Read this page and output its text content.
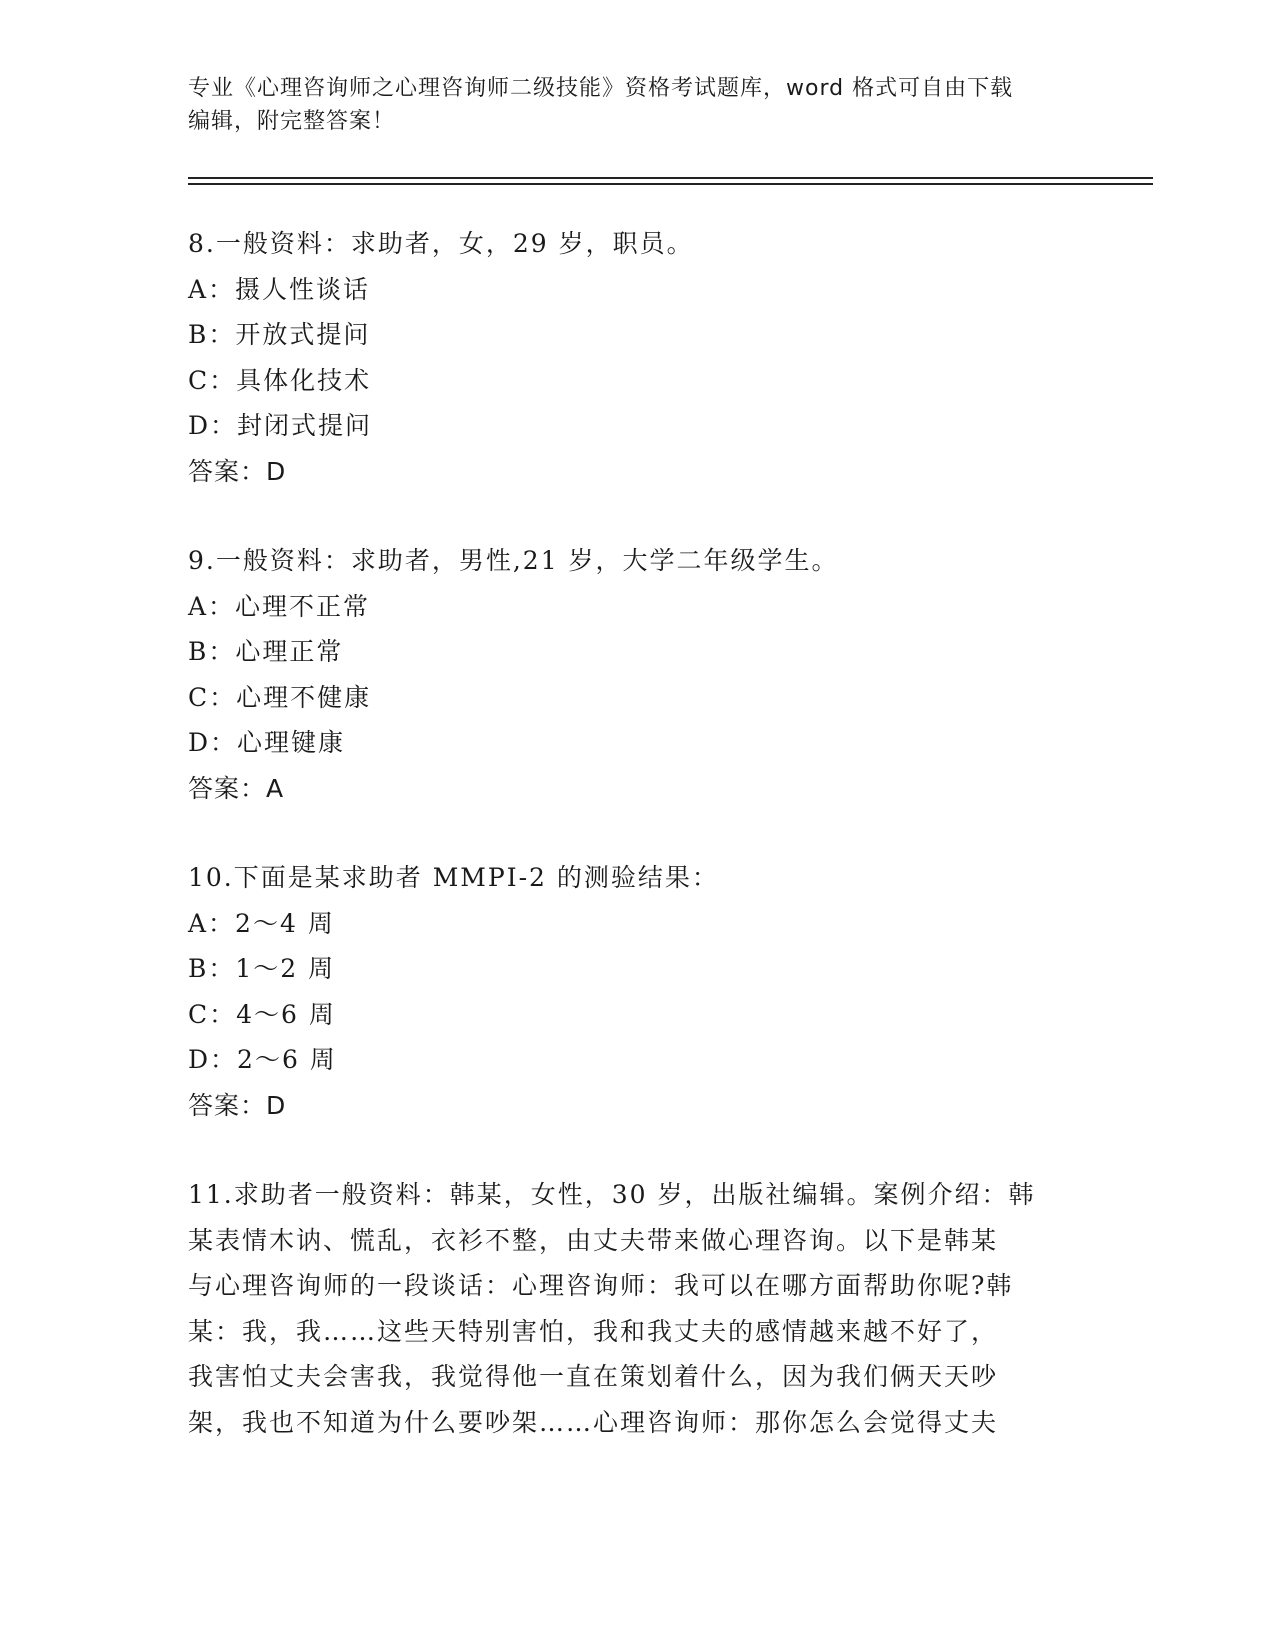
专业《心理咨询师之心理咨询师二级技能》资格考试题库，word 格式可自由下载
编辑，附完整答案！
8.一般资料：求助者，女，29 岁，职员。
A：摄人性谈话
B：开放式提问
C：具体化技术
D：封闭式提问
答案：D
9.一般资料：求助者，男性,21 岁，大学二年级学生。
A：心理不正常
B：心理正常
C：心理不健康
D：心理键康
答案：A
10.下面是某求助者 MMPI-2 的测验结果：
A：2～4 周
B：1～2 周
C：4～6 周
D：2～6 周
答案：D
11.求助者一般资料：韩某，女性，30 岁，出版社编辑。案例介绍：韩
某表情木讷、慌乱，衣衫不整，由丈夫带来做心理咨询。以下是韩某
与心理咨询师的一段谈话：心理咨询师：我可以在哪方面帮助你呢?韩
某：我，我……这些天特别害怕，我和我丈夫的感情越来越不好了，
我害怕丈夫会害我，我觉得他一直在策划着什么，因为我们俩天天吵
架，我也不知道为什么要吵架……心理咨询师：那你怎么会觉得丈夫
